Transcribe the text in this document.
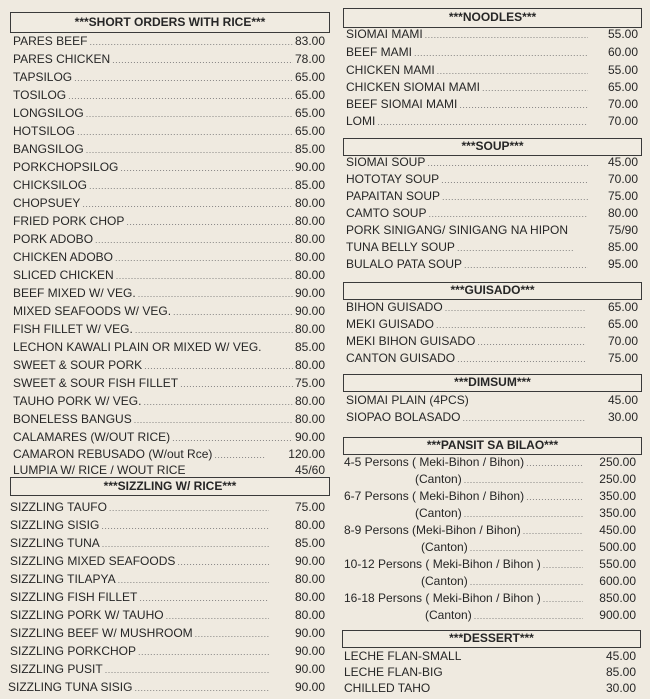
***SHORT ORDERS WITH RICE***
PARES BEEF .....	83.00
PARES CHICKEN .....	78.00
TAPSILOG .....	65.00
TOSILOG .....	65.00
LONGSILOG .....	65.00
HOTSILOG .....	65.00
BANGSILOG .....	85.00
PORKCHOPSILOG .....	90.00
CHICKSILOG .....	85.00
CHOPSUEY .....	80.00
FRIED PORK CHOP .....	80.00
PORK ADOBO .....	80.00
CHICKEN ADOBO .....	80.00
SLICED CHICKEN .....	80.00
BEEF MIXED W/ VEG. .....	90.00
MIXED SEAFOODS W/ VEG. .....	90.00
FISH FILLET W/ VEG. .....	80.00
LECHON KAWALI PLAIN OR MIXED W/ VEG.	85.00
SWEET & SOUR PORK .....	80.00
SWEET & SOUR FISH FILLET .....	75.00
TAUHO PORK W/ VEG. .....	80.00
BONELESS BANGUS .....	80.00
CALAMARES (W/OUT RICE) .....	90.00
CAMARON REBUSADO (W/out Rce) .....	120.00
LUMPIA W/ RICE / WOUT RICE	45/60
***SIZZLING W/ RICE***
SIZZLING TAUFO .....	75.00
SIZZLING SISIG .....	80.00
SIZZLING TUNA .....	85.00
SIZZLING MIXED SEAFOODS .....	90.00
SIZZLING TILAPYA .....	80.00
SIZZLING FISH FILLET .....	80.00
SIZZLING PORK W/ TAUHO .....	80.00
SIZZLING BEEF W/ MUSHROOM .....	90.00
SIZZLING PORKCHOP .....	90.00
SIZZLING PUSIT .....	90.00
SIZZLING TUNA SISIG .....	90.00
***NOODLES***
SIOMAI MAMI .....	55.00
BEEF MAMI .....	60.00
CHICKEN MAMI .....	55.00
CHICKEN SIOMAI MAMI .....	65.00
BEEF SIOMAI MAMI .....	70.00
LOMI .....	70.00
***SOUP***
SIOMAI SOUP .....	45.00
HOTOTAY SOUP .....	70.00
PAPAITAN SOUP .....	75.00
CAMTO SOUP .....	80.00
PORK SINIGANG/ SINIGANG NA HIPON	75/90
TUNA BELLY SOUP .....	85.00
BULALO PATA SOUP .....	95.00
***GUISADO***
BIHON GUISADO .....	65.00
MEKI GUISADO .....	65.00
MEKI BIHON GUISADO .....	70.00
CANTON GUISADO .....	75.00
***DIMSUM***
SIOMAI PLAIN (4PCS)	45.00
SIOPAO BOLASADO .....	30.00
***PANSIT SA BILAO***
4-5 Persons ( Meki-Bihon / Bihon) .....	250.00
(Canton) .....	250.00
6-7 Persons ( Meki-Bihon / Bihon) .....	350.00
(Canton) .....	350.00
8-9 Persons (Meki-Bihon / Bihon) .....	450.00
(Canton) .....	500.00
10-12 Persons ( Meki-Bihon / Bihon ) .....	550.00
(Canton) .....	600.00
16-18 Persons ( Meki-Bihon / Bihon ) .....	850.00
(Canton) .....	900.00
***DESSERT***
LECHE FLAN-SMALL	45.00
LECHE FLAN-BIG	85.00
CHILLED TAHO	30.00
